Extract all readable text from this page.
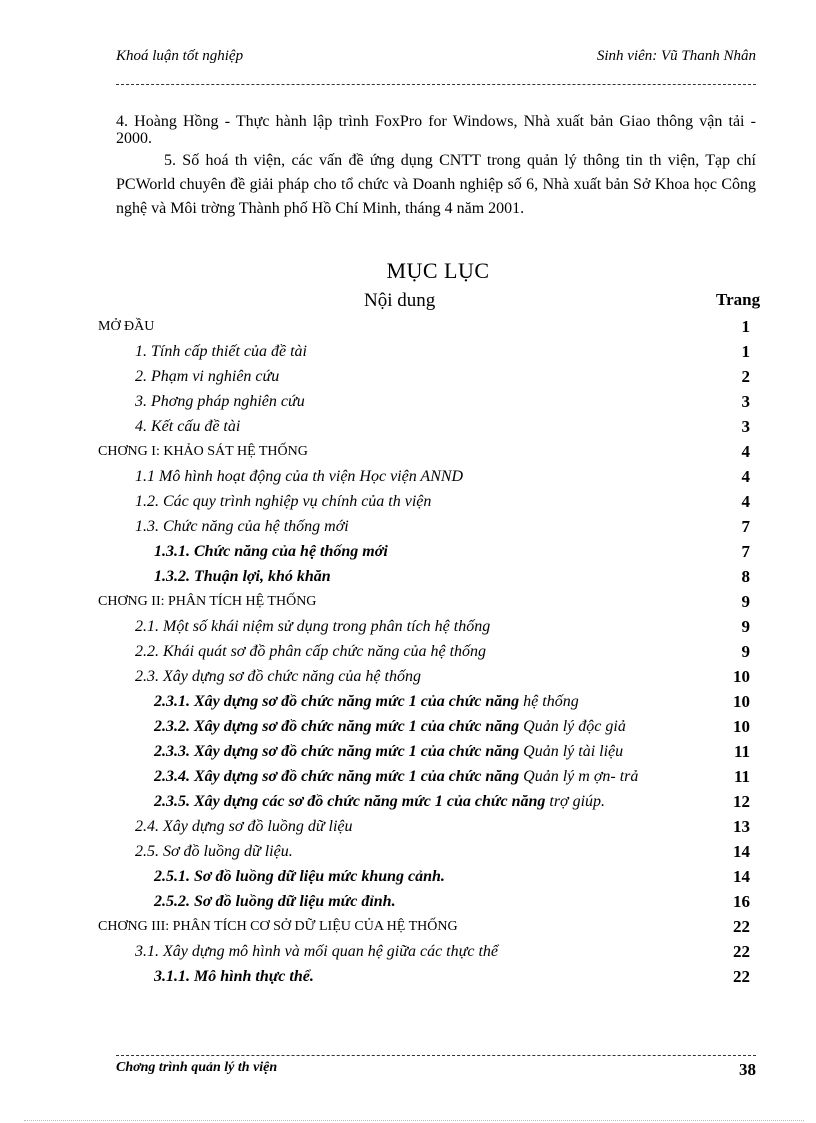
Khoá luận tốt nghiệp	Sinh viên: Vũ Thanh Nhân

4. Hoàng Hồng - Thực hành lập trình FoxPro for Windows, Nhà xuất bản Giao thông vận tải - 2000.

5. Số hoá th viện, các vấn đề ứng dụng CNTT trong quản lý thông tin th viện, Tạp chí PCWorld chuyên đề giải pháp cho tổ chức và Doanh nghiệp số 6, Nhà xuất bản Sở Khoa học Công nghệ và Môi trờng Thành phố Hồ Chí Minh, tháng 4 năm 2001.

MỤC LỤC
Nội dung	Trang
MỞ ĐẦU	1
1. Tính cấp thiết của đề tài	1
2. Phạm vi nghiên cứu	2
3. Phơng pháp nghiên cứu	3
4. Kết cấu đề tài	3
CHƠNG I: KHẢO SÁT HỆ THỐNG	4
1.1 Mô hình hoạt động của th viện Học viện ANND	4
1.2. Các quy trình nghiệp vụ chính của th viện	4
1.3. Chức năng của hệ thống mới	7
1.3.1. Chức năng của hệ thống mới	7
1.3.2. Thuận lợi, khó khăn	8
CHƠNG II: PHÂN TÍCH HỆ THỐNG	9
2.1. Một số khái niệm sử dụng trong phân tích hệ thống	9
2.2. Khái quát sơ đồ phân cấp chức năng của hệ thống	9
2.3. Xây dựng sơ đồ chức năng của hệ thống	10
2.3.1. Xây dựng sơ đồ chức năng mức 1 của chức năng hệ thống	10
2.3.2. Xây dựng sơ đồ chức năng mức 1 của chức năng Quản lý độc giả	10
2.3.3. Xây dựng sơ đồ chức năng mức 1 của chức năng Quản lý tài liệu	11
2.3.4. Xây dựng sơ đồ chức năng mức 1 của chức năng Quản lý m ợn- trả	11
2.3.5. Xây dựng các sơ đồ chức năng mức 1 của chức năng trợ giúp.	12
2.4. Xây dựng sơ đồ luồng dữ liệu	13
2.5. Sơ đồ luồng dữ liệu.	14
2.5.1. Sơ đồ luồng dữ liệu mức khung cảnh.	14
2.5.2. Sơ đồ luồng dữ liệu mức đỉnh.	16
CHƠNG III: PHÂN TÍCH CƠ SỞ DỮ LIỆU CỦA HỆ THỐNG	22
3.1. Xây dựng mô hình và mối quan hệ giữa các thực thể	22
3.1.1. Mô hình thực thể.	22
Chơng trình quản lý th viện	38
